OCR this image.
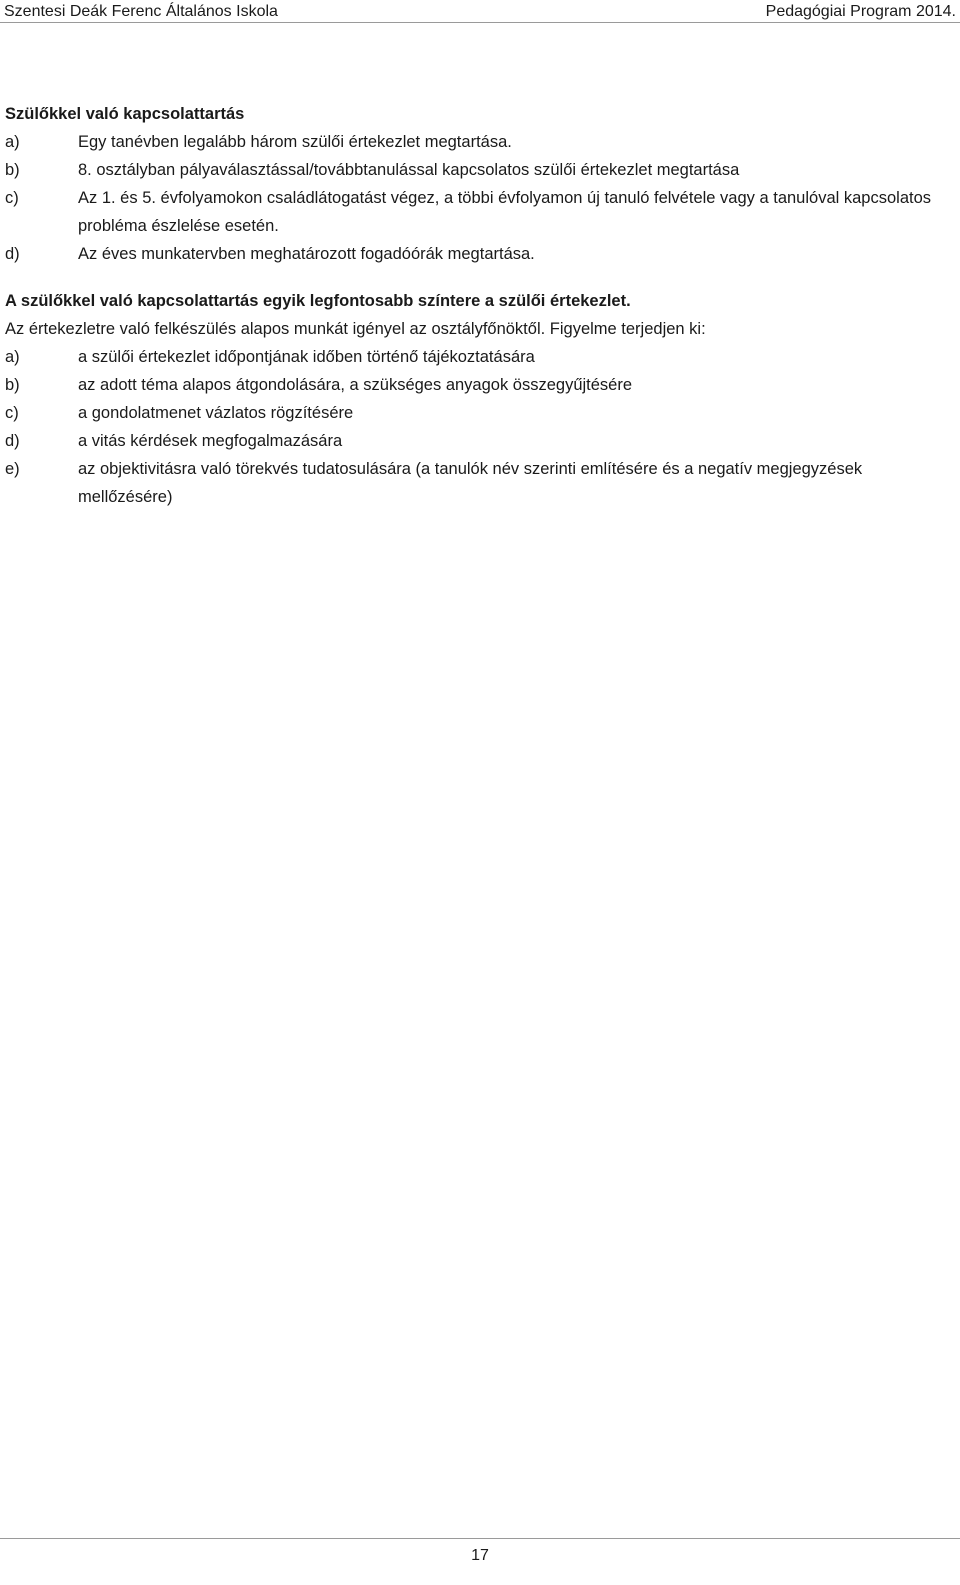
Szentesi Deák Ferenc Általános Iskola	Pedagógiai Program 2014.

Szülőkkel való kapcsolattartás

a)	Egy tanévben legalább három szülői értekezlet megtartása.
b)	8. osztályban pályaválasztással/továbbtanulással kapcsolatos szülői értekezlet megtartása
c)	Az 1. és 5. évfolyamokon családlátogatást végez, a többi évfolyamon új tanuló felvétele vagy a tanulóval kapcsolatos probléma észlelése esetén.
d)	Az éves munkatervben meghatározott fogadóórák megtartása.

A szülőkkel való kapcsolattartás egyik legfontosabb színtere a szülői értekezlet.

Az értekezletre való felkészülés alapos munkát igényel az osztályfőnöktől. Figyelme terjedjen ki:

a)	a szülői értekezlet időpontjának időben történő tájékoztatására
b)	az adott téma alapos átgondolására, a szükséges anyagok összegyűjtésére
c)	a gondolatmenet vázlatos rögzítésére
d)	a vitás kérdések megfogalmazására
e)	az objektivitásra való törekvés tudatosulására (a tanulók név szerinti említésére és a negatív megjegyzések mellőzésére)
17
